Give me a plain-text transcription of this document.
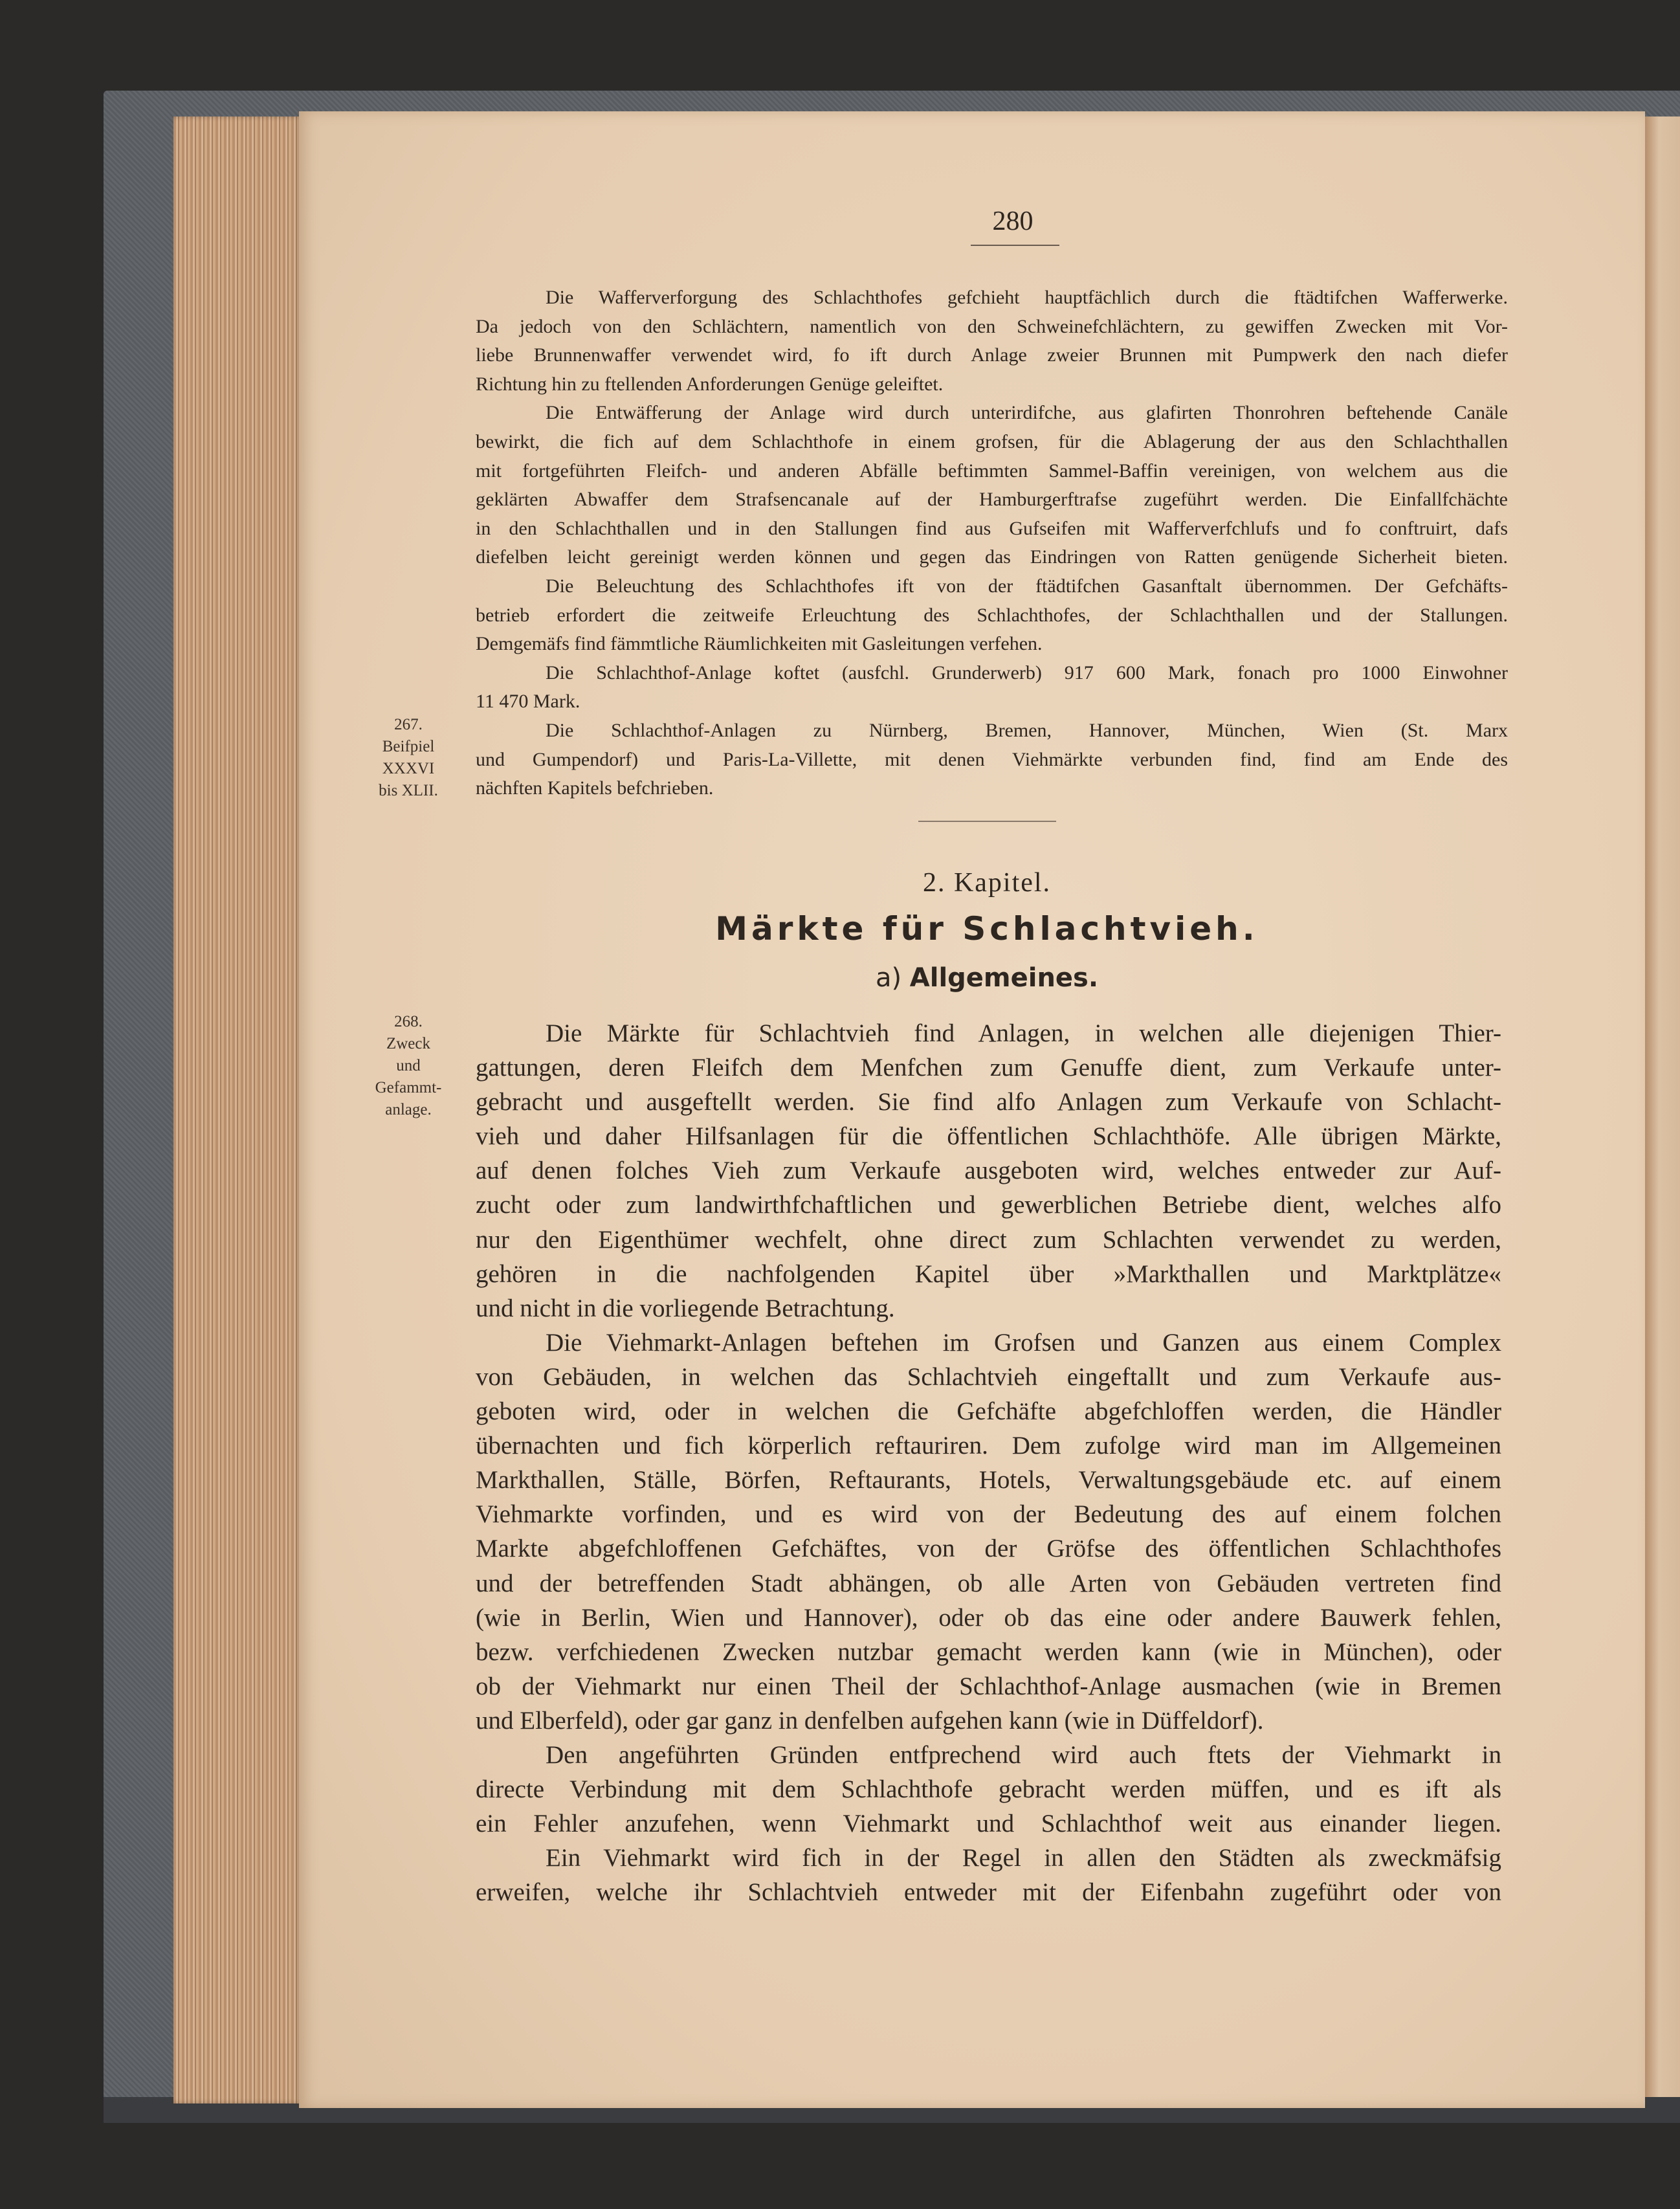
280
Die Wafferverforgung des Schlachthofes gefchieht hauptfächlich durch die ftädtifchen Wafferwerke.
Da jedoch von den Schlächtern, namentlich von den Schweinefchlächtern, zu gewiffen Zwecken mit Vor-
liebe Brunnenwaffer verwendet wird, fo ift durch Anlage zweier Brunnen mit Pumpwerk den nach diefer
Richtung hin zu ftellenden Anforderungen Genüge geleiftet.
Die Entwäfferung der Anlage wird durch unterirdifche, aus glafirten Thonrohren beftehende Canäle
bewirkt, die fich auf dem Schlachthofe in einem grofsen, für die Ablagerung der aus den Schlachthallen
mit fortgeführten Fleifch- und anderen Abfälle beftimmten Sammel-Baffin vereinigen, von welchem aus die
geklärten Abwaffer dem Strafsencanale auf der Hamburgerftrafse zugeführt werden. Die Einfallfchächte
in den Schlachthallen und in den Stallungen find aus Gufseifen mit Wafferverfchlufs und fo conftruirt, dafs
diefelben leicht gereinigt werden können und gegen das Eindringen von Ratten genügende Sicherheit bieten.
Die Beleuchtung des Schlachthofes ift von der ftädtifchen Gasanftalt übernommen. Der Gefchäfts-
betrieb erfordert die zeitweife Erleuchtung des Schlachthofes, der Schlachthallen und der Stallungen.
Demgemäfs find fämmtliche Räumlichkeiten mit Gasleitungen verfehen.
Die Schlachthof-Anlage koftet (ausfchl. Grunderwerb) 917 600 Mark, fonach pro 1000 Einwohner
11 470 Mark.
Die Schlachthof-Anlagen zu Nürnberg, Bremen, Hannover, München, Wien (St. Marx
und Gumpendorf) und Paris-La-Villette, mit denen Viehmärkte verbunden find, find am Ende des
nächften Kapitels befchrieben.
267.
Beifpiel
XXXVI
bis XLII.
2. Kapitel.
Märkte für Schlachtvieh.
a) Allgemeines.
268.
Zweck
und
Gefammt-
anlage.
Die Märkte für Schlachtvieh find Anlagen, in welchen alle diejenigen Thier-
gattungen, deren Fleifch dem Menfchen zum Genuffe dient, zum Verkaufe unter-
gebracht und ausgeftellt werden. Sie find alfo Anlagen zum Verkaufe von Schlacht-
vieh und daher Hilfsanlagen für die öffentlichen Schlachthöfe. Alle übrigen Märkte,
auf denen folches Vieh zum Verkaufe ausgeboten wird, welches entweder zur Auf-
zucht oder zum landwirthfchaftlichen und gewerblichen Betriebe dient, welches alfo
nur den Eigenthümer wechfelt, ohne direct zum Schlachten verwendet zu werden,
gehören in die nachfolgenden Kapitel über »Markthallen und Marktplätze«
und nicht in die vorliegende Betrachtung.
Die Viehmarkt-Anlagen beftehen im Grofsen und Ganzen aus einem Complex
von Gebäuden, in welchen das Schlachtvieh eingeftallt und zum Verkaufe aus-
geboten wird, oder in welchen die Gefchäfte abgefchloffen werden, die Händler
übernachten und fich körperlich reftauriren. Dem zufolge wird man im Allgemeinen
Markthallen, Ställe, Börfen, Reftaurants, Hotels, Verwaltungsgebäude etc. auf einem
Viehmarkte vorfinden, und es wird von der Bedeutung des auf einem folchen
Markte abgefchloffenen Gefchäftes, von der Gröfse des öffentlichen Schlachthofes
und der betreffenden Stadt abhängen, ob alle Arten von Gebäuden vertreten find
(wie in Berlin, Wien und Hannover), oder ob das eine oder andere Bauwerk fehlen,
bezw. verfchiedenen Zwecken nutzbar gemacht werden kann (wie in München), oder
ob der Viehmarkt nur einen Theil der Schlachthof-Anlage ausmachen (wie in Bremen
und Elberfeld), oder gar ganz in denfelben aufgehen kann (wie in Düffeldorf).
Den angeführten Gründen entfprechend wird auch ftets der Viehmarkt in
directe Verbindung mit dem Schlachthofe gebracht werden müffen, und es ift als
ein Fehler anzufehen, wenn Viehmarkt und Schlachthof weit aus einander liegen.
Ein Viehmarkt wird fich in der Regel in allen den Städten als zweckmäfsig
erweifen, welche ihr Schlachtvieh entweder mit der Eifenbahn zugeführt oder von
